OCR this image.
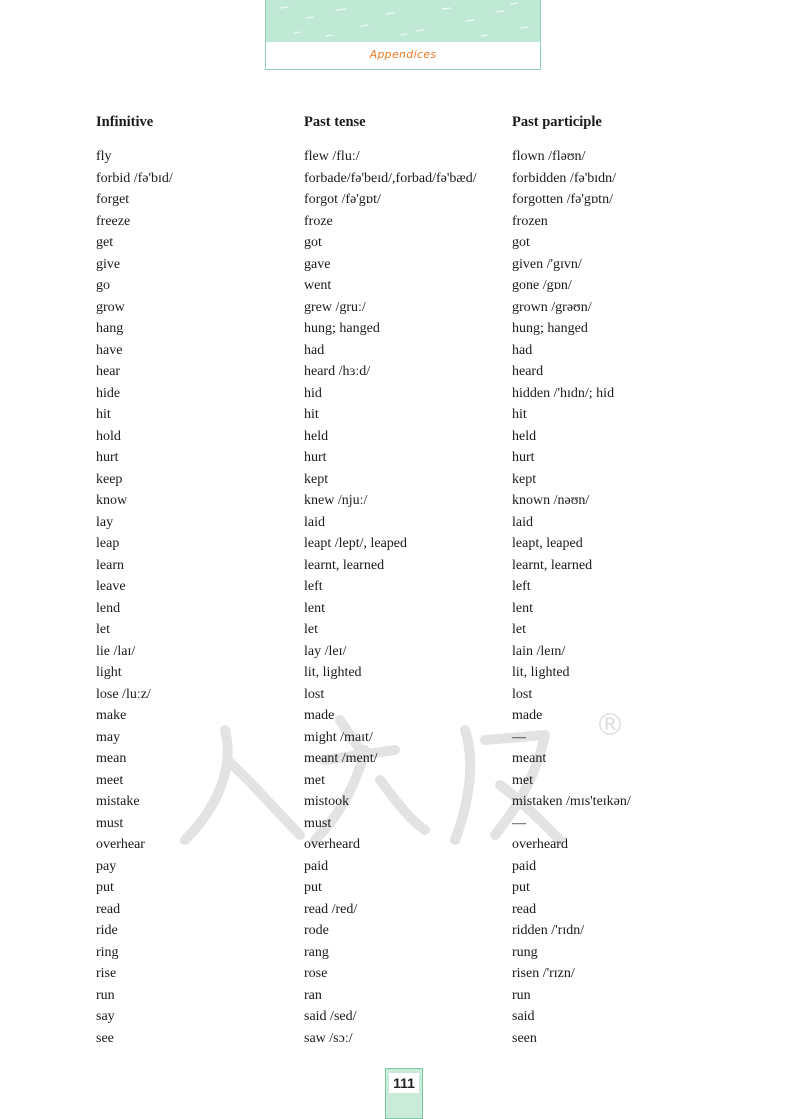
Appendices
®
Infinitive	Past tense	Past participle
fly	flew /fluː/	flown /fləʊn/
forbid /fə'bɪd/	forbade/fə'beɪd/,forbad/fə'bæd/	forbidden /fə'bɪdn/
forget	forgot /fə'gɒt/	forgotten /fə'gɒtn/
freeze	froze	frozen
get	got	got
give	gave	given /'gɪvn/
go	went	gone /gɒn/
grow	grew /gruː/	grown /grəʊn/
hang	hung; hanged	hung; hanged
have	had	had
hear	heard /hɜːd/	heard
hide	hid	hidden /'hɪdn/; hid
hit	hit	hit
hold	held	held
hurt	hurt	hurt
keep	kept	kept
know	knew /njuː/	known /nəʊn/
lay	laid	laid
leap	leapt /lept/, leaped	leapt, leaped
learn	learnt, learned	learnt, learned
leave	left	left
lend	lent	lent
let	let	let
lie /laɪ/	lay /leɪ/	lain /leɪn/
light	lit, lighted	lit, lighted
lose /luːz/	lost	lost
make	made	made
may	might /maɪt/	—
mean	meant /ment/	meant
meet	met	met
mistake	mistook	mistaken /mɪs'teɪkən/
must	must	—
overhear	overheard	overheard
pay	paid	paid
put	put	put
read	read /red/	read
ride	rode	ridden /'rɪdn/
ring	rang	rung
rise	rose	risen /'rɪzn/
run	ran	run
say	said /sed/	said
see	saw /sɔː/	seen
111
